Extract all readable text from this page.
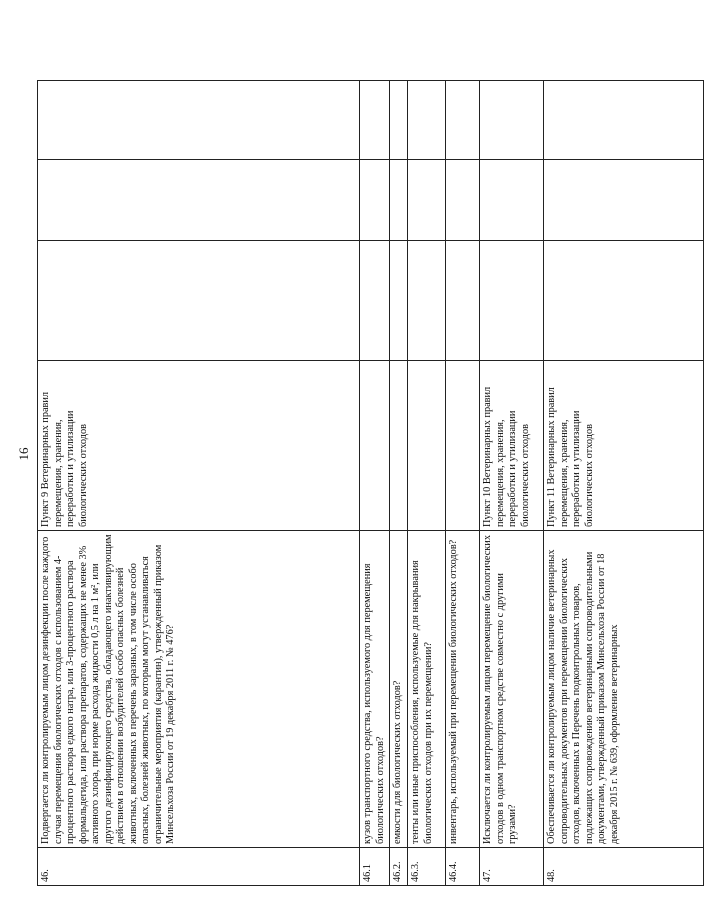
16
46.	Подвергается ли контролируемым лицом дезинфекции после каждого случая перемещения биологических отходов с использованием 4-процентного раствора едкого натра, или 3-процентного раствора формальдегида, или раствора препаратов, содержащих не менее 3% активного хлора, при норме расхода жидкости 0,5 л на 1 м², или другого дезинфицирующего средства, обладающего инактивирующим действием в отношении возбудителей особо опасных болезней животных, включенных в перечень заразных, в том числе особо опасных, болезней животных, по которым могут устанавливаться ограничительные мероприятия (карантин), утвержденный приказом Минсельхоза России от 19 декабря 2011 г. № 476?	Пункт 9 Ветеринарных правил перемещения, хранения, переработки и утилизации биологических отходов			
46.1	кузов транспортного средства, используемого для перемещения биологических отходов?				
46.2.	емкости для биологических отходов?				
46.3.	тенты или иные приспособления, используемые для накрывания биологических отходов при их перемещении?				
46.4.	инвентарь, используемый при перемещении биологических отходов?				
47.	Исключается ли контролируемым лицом перемещение биологических отходов в одном транспортном средстве совместно с другими грузами?	Пункт 10 Ветеринарных правил перемещения, хранения, переработки и утилизации биологических отходов			
48.	Обеспечивается ли контролируемым лицом наличие ветеринарных сопроводительных документов при перемещении биологических отходов, включенных в Перечень подконтрольных товаров, подлежащих сопровождению ветеринарными сопроводительными документами, утвержденный приказом Минсельхоза России от 18 декабря 2015 г. № 639, оформление ветеринарных	Пункт 11 Ветеринарных правил перемещения, хранения, переработки и утилизации биологических отходов			
